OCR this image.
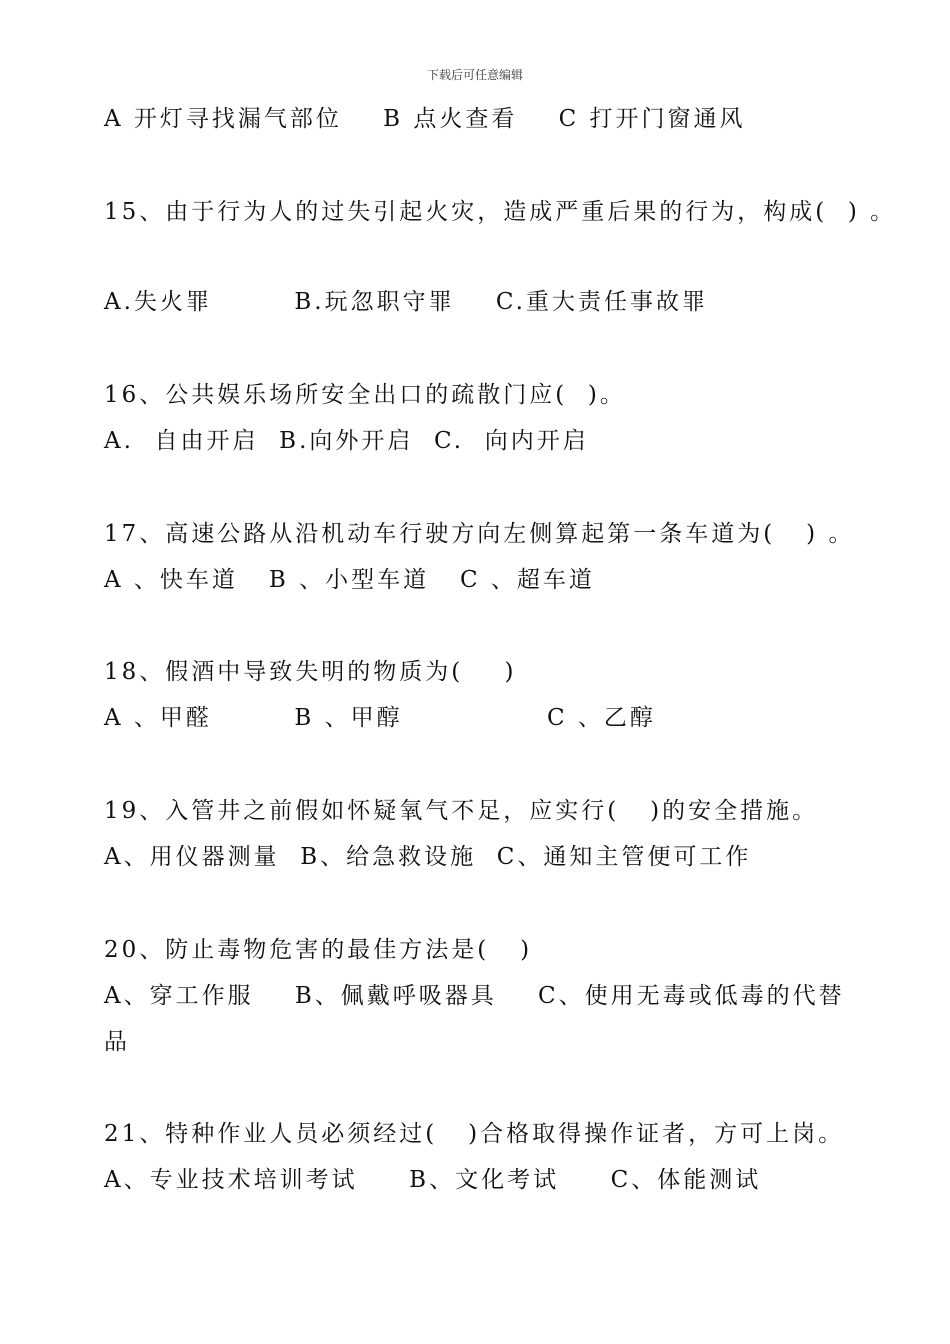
下载后可任意编辑
A 开灯寻找漏气部位    B 点火查看    C 打开门窗通风
15、由于行为人的过失引起火灾，造成严重后果的行为，构成(  ) 。
A.失火罪        B.玩忽职守罪    C.重大责任事故罪
16、公共娱乐场所安全出口的疏散门应(  )。
A.  自由开启  B.向外开启  C.  向内开启
17、高速公路从沿机动车行驶方向左侧算起第一条车道为(   ) 。
A 、快车道   B 、小型车道   C 、超车道
18、假酒中导致失明的物质为(    )
A 、甲醛        B 、甲醇              C 、乙醇
19、入管井之前假如怀疑氧气不足，应实行(   )的安全措施。
A、用仪器测量  B、给急救设施  C、通知主管便可工作
20、防止毒物危害的最佳方法是(   )
A、穿工作服    B、佩戴呼吸器具    C、使用无毒或低毒的代替
品
21、特种作业人员必须经过(   )合格取得操作证者，方可上岗。
A、专业技术培训考试     B、文化考试     C、体能测试
